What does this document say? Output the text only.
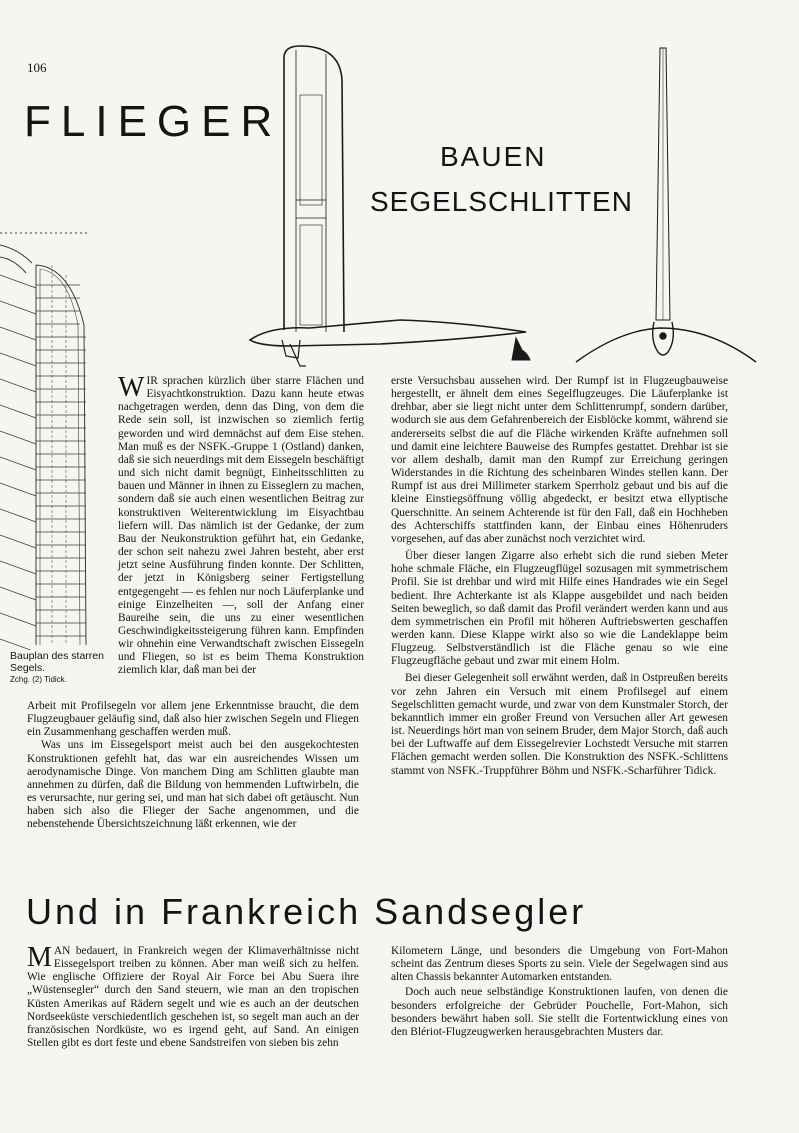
106
FLIEGER
BAUEN
SEGELSCHLITTEN
Bauplan des starren Segels.
Zchg. (2) Tidick.

WIR sprachen kürzlich über starre Flächen und Eisyachtkonstruktion. Dazu kann heute etwas nachgetragen werden, denn das Ding, von dem die Rede sein soll, ist inzwischen so ziemlich fertig geworden und wird demnächst auf dem Eise stehen. Man muß es der NSFK.-Gruppe 1 (Ostland) danken, daß sie sich neuerdings mit dem Eissegeln beschäftigt und sich nicht damit begnügt, Einheitsschlitten zu bauen und Männer in ihnen zu Eisseglern zu machen, sondern daß sie auch einen wesentlichen Beitrag zur konstruktiven Weiterentwicklung im Eisyachtbau liefern will. Das nämlich ist der Gedanke, der zum Bau der Neukonstruktion geführt hat, ein Gedanke, der schon seit nahezu zwei Jahren besteht, aber erst jetzt seine Ausführung finden konnte. Der Schlitten, der jetzt in Königsberg seiner Fertigstellung entgegengeht — es fehlen nur noch Läuferplanke und einige Einzelheiten —, soll der Anfang einer Baureihe sein, die uns zu einer wesentlichen Geschwindigkeitssteigerung führen kann. Empfinden wir ohnehin eine Verwandtschaft zwischen Eissegeln und Fliegen, so ist es beim Thema Konstruktion ziemlich klar, daß man bei der

Arbeit mit Profilsegeln vor allem jene Erkenntnisse braucht, die dem Flugzeugbauer geläufig sind, daß also hier zwischen Segeln und Fliegen ein Zusammenhang geschaffen werden muß.

Was uns im Eissegelsport meist auch bei den ausgekochtesten Konstruktionen gefehlt hat, das war ein ausreichendes Wissen um aerodynamische Dinge. Von manchem Ding am Schlitten glaubte man annehmen zu dürfen, daß die Bildung von hemmenden Luftwirbeln, die es verursachte, nur gering sei, und man hat sich dabei oft getäuscht. Nun haben sich also die Flieger der Sache angenommen, und die nebenstehende Übersichtszeichnung läßt erkennen, wie der

erste Versuchsbau aussehen wird. Der Rumpf ist in Flugzeugbauweise hergestellt, er ähnelt dem eines Segelflugzeuges. Die Läuferplanke ist drehbar, aber sie liegt nicht unter dem Schlittenrumpf, sondern darüber, wodurch sie aus dem Gefahrenbereich der Eisblöcke kommt, während sie andererseits selbst die auf die Fläche wirkenden Kräfte aufnehmen soll und damit eine leichtere Bauweise des Rumpfes gestattet. Drehbar ist sie vor allem deshalb, damit man den Rumpf zur Erreichung geringen Widerstandes in die Richtung des scheinbaren Windes stellen kann. Der Rumpf ist aus drei Millimeter starkem Sperrholz gebaut und bis auf die kleine Einstiegsöffnung völlig abgedeckt, er besitzt etwa ellyptische Querschnitte. An seinem Achterende ist für den Fall, daß ein Hochheben des Achterschiffs stattfinden kann, der Einbau eines Höhenruders vorgesehen, auf das aber zunächst noch verzichtet wird.

Über dieser langen Zigarre also erhebt sich die rund sieben Meter hohe schmale Fläche, ein Flugzeugflügel sozusagen mit symmetrischem Profil. Sie ist drehbar und wird mit Hilfe eines Handrades wie ein Segel bedient. Ihre Achterkante ist als Klappe ausgebildet und nach beiden Seiten beweglich, so daß damit das Profil verändert werden kann und aus dem symmetrischen ein Profil mit höheren Auftriebswerten geschaffen werden kann. Diese Klappe wirkt also so wie die Landeklappe beim Flugzeug. Selbstverständlich ist die Fläche genau so wie eine Flugzeugfläche gebaut und zwar mit einem Holm.

Bei dieser Gelegenheit soll erwähnt werden, daß in Ostpreußen bereits vor zehn Jahren ein Versuch mit einem Profilsegel auf einem Segelschlitten gemacht wurde, und zwar von dem Kunstmaler Storch, der bekanntlich immer ein großer Freund von Versuchen aller Art gewesen ist. Neuerdings hört man von seinem Bruder, dem Major Storch, daß auch bei der Luftwaffe auf dem Eissegelrevier Lochstedt Versuche mit starren Flächen gemacht werden sollen. Die Konstruktion des NSFK.-Schlittens stammt von NSFK.-Truppführer Böhm und NSFK.-Scharführer Tidick.

Und in Frankreich Sandsegler

MAN bedauert, in Frankreich wegen der Klimaverhältnisse nicht Eissegelsport treiben zu können. Aber man weiß sich zu helfen. Wie englische Offiziere der Royal Air Force bei Abu Suera ihre „Wüstensegler“ durch den Sand steuern, wie man an den tropischen Küsten Amerikas auf Rädern segelt und wie es auch an der deutschen Nordseeküste verschiedentlich geschehen ist, so segelt man auch an der französischen Nordküste, wo es irgend geht, auf Sand. An einigen Stellen gibt es dort feste und ebene Sandstreifen von sieben bis zehn

Kilometern Länge, und besonders die Umgebung von Fort-Mahon scheint das Zentrum dieses Sports zu sein. Viele der Segelwagen sind aus alten Chassis bekannter Automarken entstanden.

Doch auch neue selbständige Konstruktionen laufen, von denen die besonders erfolgreiche der Gebrüder Pouchelle, Fort-Mahon, sich besonders bewährt haben soll. Sie stellt die Fortentwicklung eines von den Blériot-Flugzeugwerken herausgebrachten Musters dar.
